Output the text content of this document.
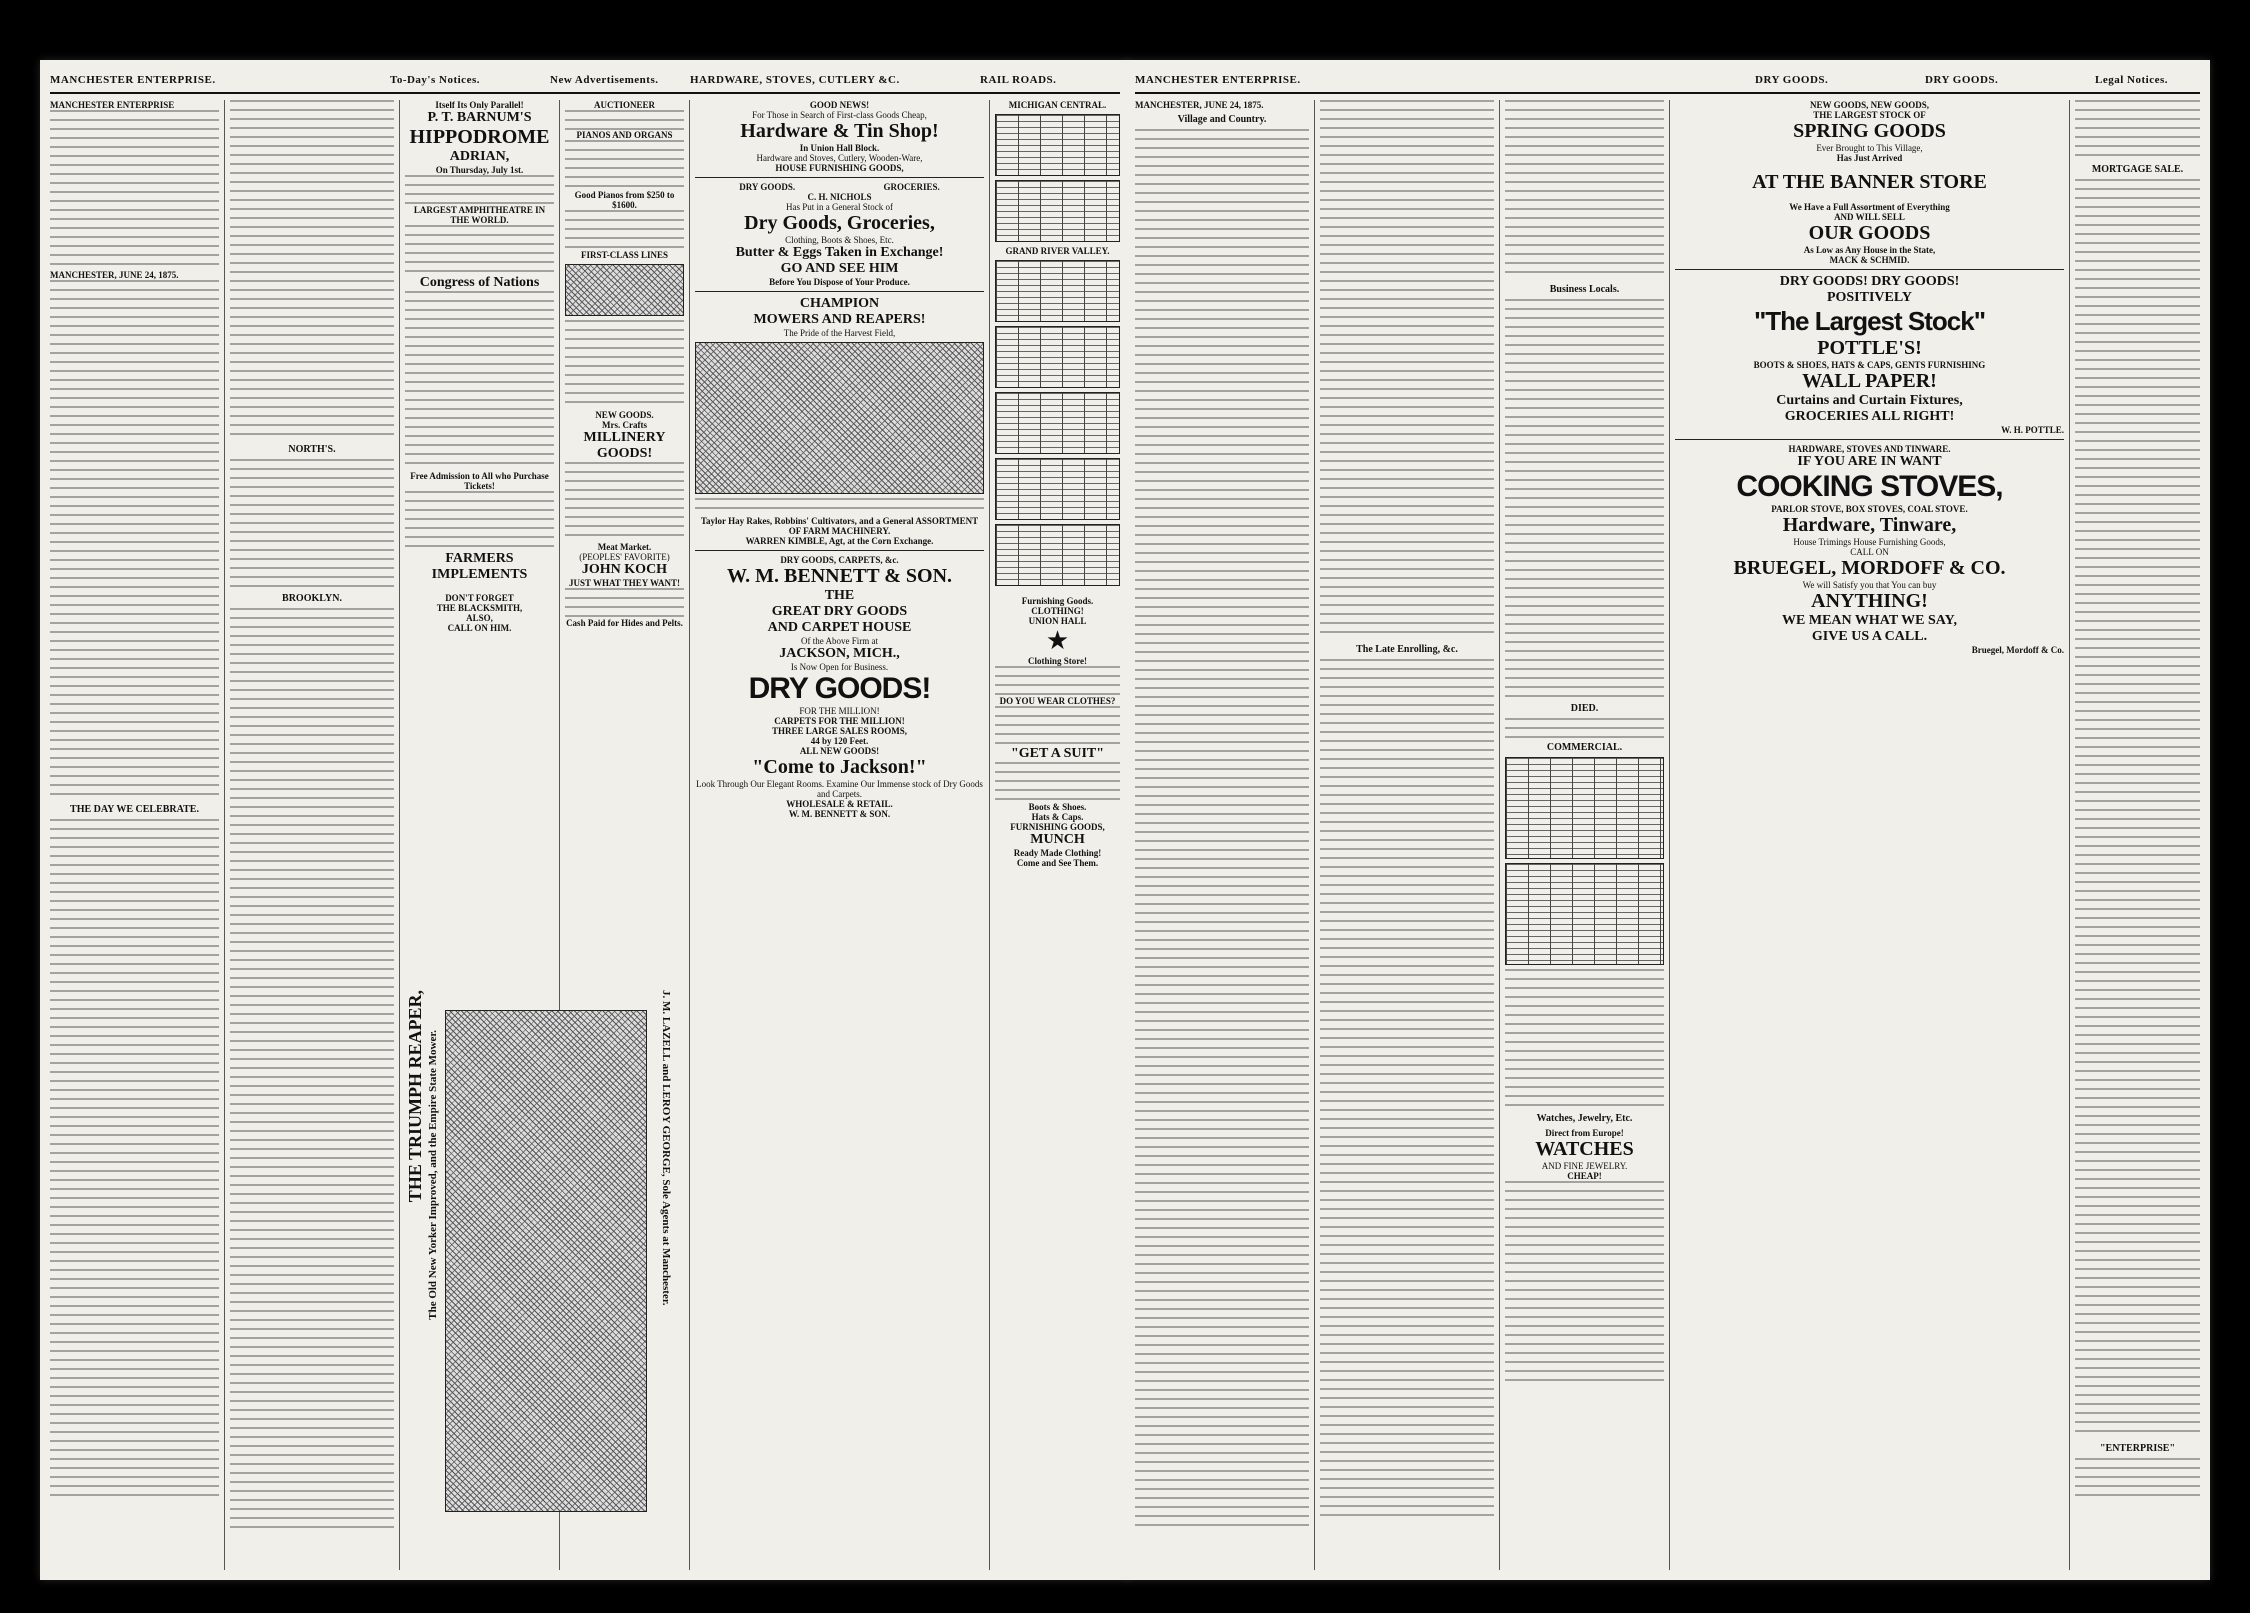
MANCHESTER ENTERPRISE.	To-Day's Notices.	New Advertisements.	HARDWARE, STOVES, CUTLERY &C.	RAIL ROADS.
MANCHESTER ENTERPRISE
MANCHESTER, JUNE 24, 1875.
THE DAY WE CELEBRATE.
NORTH'S.
BROOKLYN.
Itself Its Only Parallel!
P. T. BARNUM'S
HIPPODROME
ADRIAN,
On Thursday, July 1st.
LARGEST AMPHITHEATRE IN THE WORLD.
Congress of Nations
Free Admission to All who Purchase Tickets!
FARMERS
IMPLEMENTS
DON'T FORGET
THE BLACKSMITH,
ALSO,
CALL ON HIM.
AUCTIONEER
PIANOS AND ORGANS
Good Pianos from $250 to $1600.
FIRST-CLASS LINES
NEW GOODS.
Mrs. Crafts
MILLINERY GOODS!
Meat Market.
(PEOPLES' FAVORITE)
JOHN KOCH
JUST WHAT THEY WANT!
Cash Paid for Hides and Pelts.
THE TRIUMPH REAPER, The Old New Yorker Improved, and the Empire State Mower.	J. M. LAZELL and LEROY GEORGE, Sole Agents at Manchester.
GOOD NEWS!
For Those in Search of First-class Goods Cheap,
Hardware & Tin Shop!
In Union Hall Block.
Hardware and Stoves, Cutlery, Wooden-Ware,
HOUSE FURNISHING GOODS,
DRY GOODS.	GROCERIES.
C. H. NICHOLS
Has Put in a General Stock of
Dry Goods, Groceries,
Clothing, Boots & Shoes, Etc.
Butter & Eggs Taken in Exchange!
GO AND SEE HIM
Before You Dispose of Your Produce.
CHAMPION
MOWERS AND REAPERS!
The Pride of the Harvest Field,
Taylor Hay Rakes, Robbins' Cultivators, and a General ASSORTMENT OF FARM MACHINERY.
WARREN KIMBLE, Agt, at the Corn Exchange.
DRY GOODS, CARPETS, &c.
W. M. BENNETT & SON.
THE
GREAT DRY GOODS
AND CARPET HOUSE
Of the Above Firm at
JACKSON, MICH.,
Is Now Open for Business.
DRY GOODS!
FOR THE MILLION!
CARPETS FOR THE MILLION!
THREE LARGE SALES ROOMS,
44 by 120 Feet.
ALL NEW GOODS!
"Come to Jackson!"
Look Through Our Elegant Rooms. Examine Our Immense stock of Dry Goods and Carpets.
WHOLESALE & RETAIL.
W. M. BENNETT & SON.
MICHIGAN CENTRAL.
GRAND RIVER VALLEY.
Furnishing Goods.
CLOTHING!
UNION HALL
★
Clothing Store!
DO YOU WEAR CLOTHES?
"GET A SUIT"
Boots & Shoes.
Hats & Caps.
FURNISHING GOODS,
MUNCH
Ready Made Clothing!
Come and See Them.
MANCHESTER ENTERPRISE.	DRY GOODS.	DRY GOODS.	Legal Notices.
MANCHESTER, JUNE 24, 1875.
Village and Country.
The Late Enrolling, &c.
Business Locals.
DIED.
COMMERCIAL.
Watches, Jewelry, Etc.
Direct from Europe!
WATCHES
AND FINE JEWELRY.
CHEAP!
NEW GOODS, NEW GOODS,
THE LARGEST STOCK OF
SPRING GOODS
Ever Brought to This Village,
Has Just Arrived
AT THE BANNER STORE
We Have a Full Assortment of Everything
AND WILL SELL
OUR GOODS
As Low as Any House in the State,
MACK & SCHMID.
DRY GOODS! DRY GOODS!
POSITIVELY
"The Largest Stock"
POTTLE'S!
BOOTS & SHOES, HATS & CAPS, GENTS FURNISHING
WALL PAPER!
Curtains and Curtain Fixtures,
GROCERIES ALL RIGHT!
W. H. POTTLE.
HARDWARE, STOVES AND TINWARE.
IF YOU ARE IN WANT
COOKING STOVES,
PARLOR STOVE, BOX STOVES, COAL STOVE.
Hardware, Tinware,
House Trimings House Furnishing Goods,
CALL ON
BRUEGEL, MORDOFF & CO.
We will Satisfy you that You can buy
ANYTHING!
WE MEAN WHAT WE SAY,
GIVE US A CALL.
Bruegel, Mordoff & Co.
MORTGAGE SALE.
"ENTERPRISE"
